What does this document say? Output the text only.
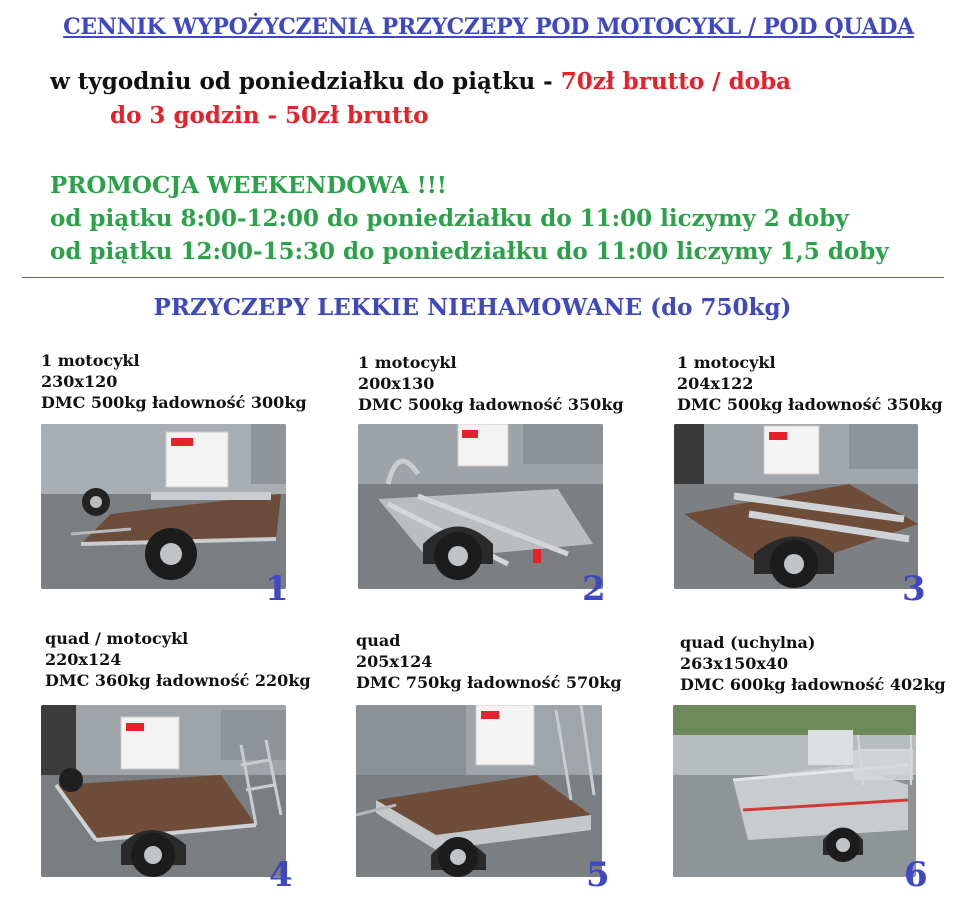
CENNIK WYPOŻYCZENIA PRZYCZEPY POD MOTOCYKL / POD QUADA
w tygodniu od poniedziałku do piątku - 70zł brutto / doba
do 3 godzin - 50zł brutto
PROMOCJA WEEKENDOWA !!!
od piątku 8:00-12:00 do poniedziałku do 11:00 liczymy 2 doby
od piątku 12:00-15:30 do poniedziałku do 11:00 liczymy 1,5 doby
PRZYCZEPY LEKKIE NIEHAMOWANE (do 750kg)
1 motocykl
230x120
DMC 500kg ładowność 300kg
1
1 motocykl
200x130
DMC 500kg ładowność 350kg
2
1 motocykl
204x122
DMC 500kg ładowność 350kg
3
quad / motocykl
220x124
DMC 360kg ładowność 220kg
4
quad
205x124
DMC 750kg ładowność 570kg
5
quad (uchylna)
263x150x40
DMC 600kg ładowność 402kg
6
